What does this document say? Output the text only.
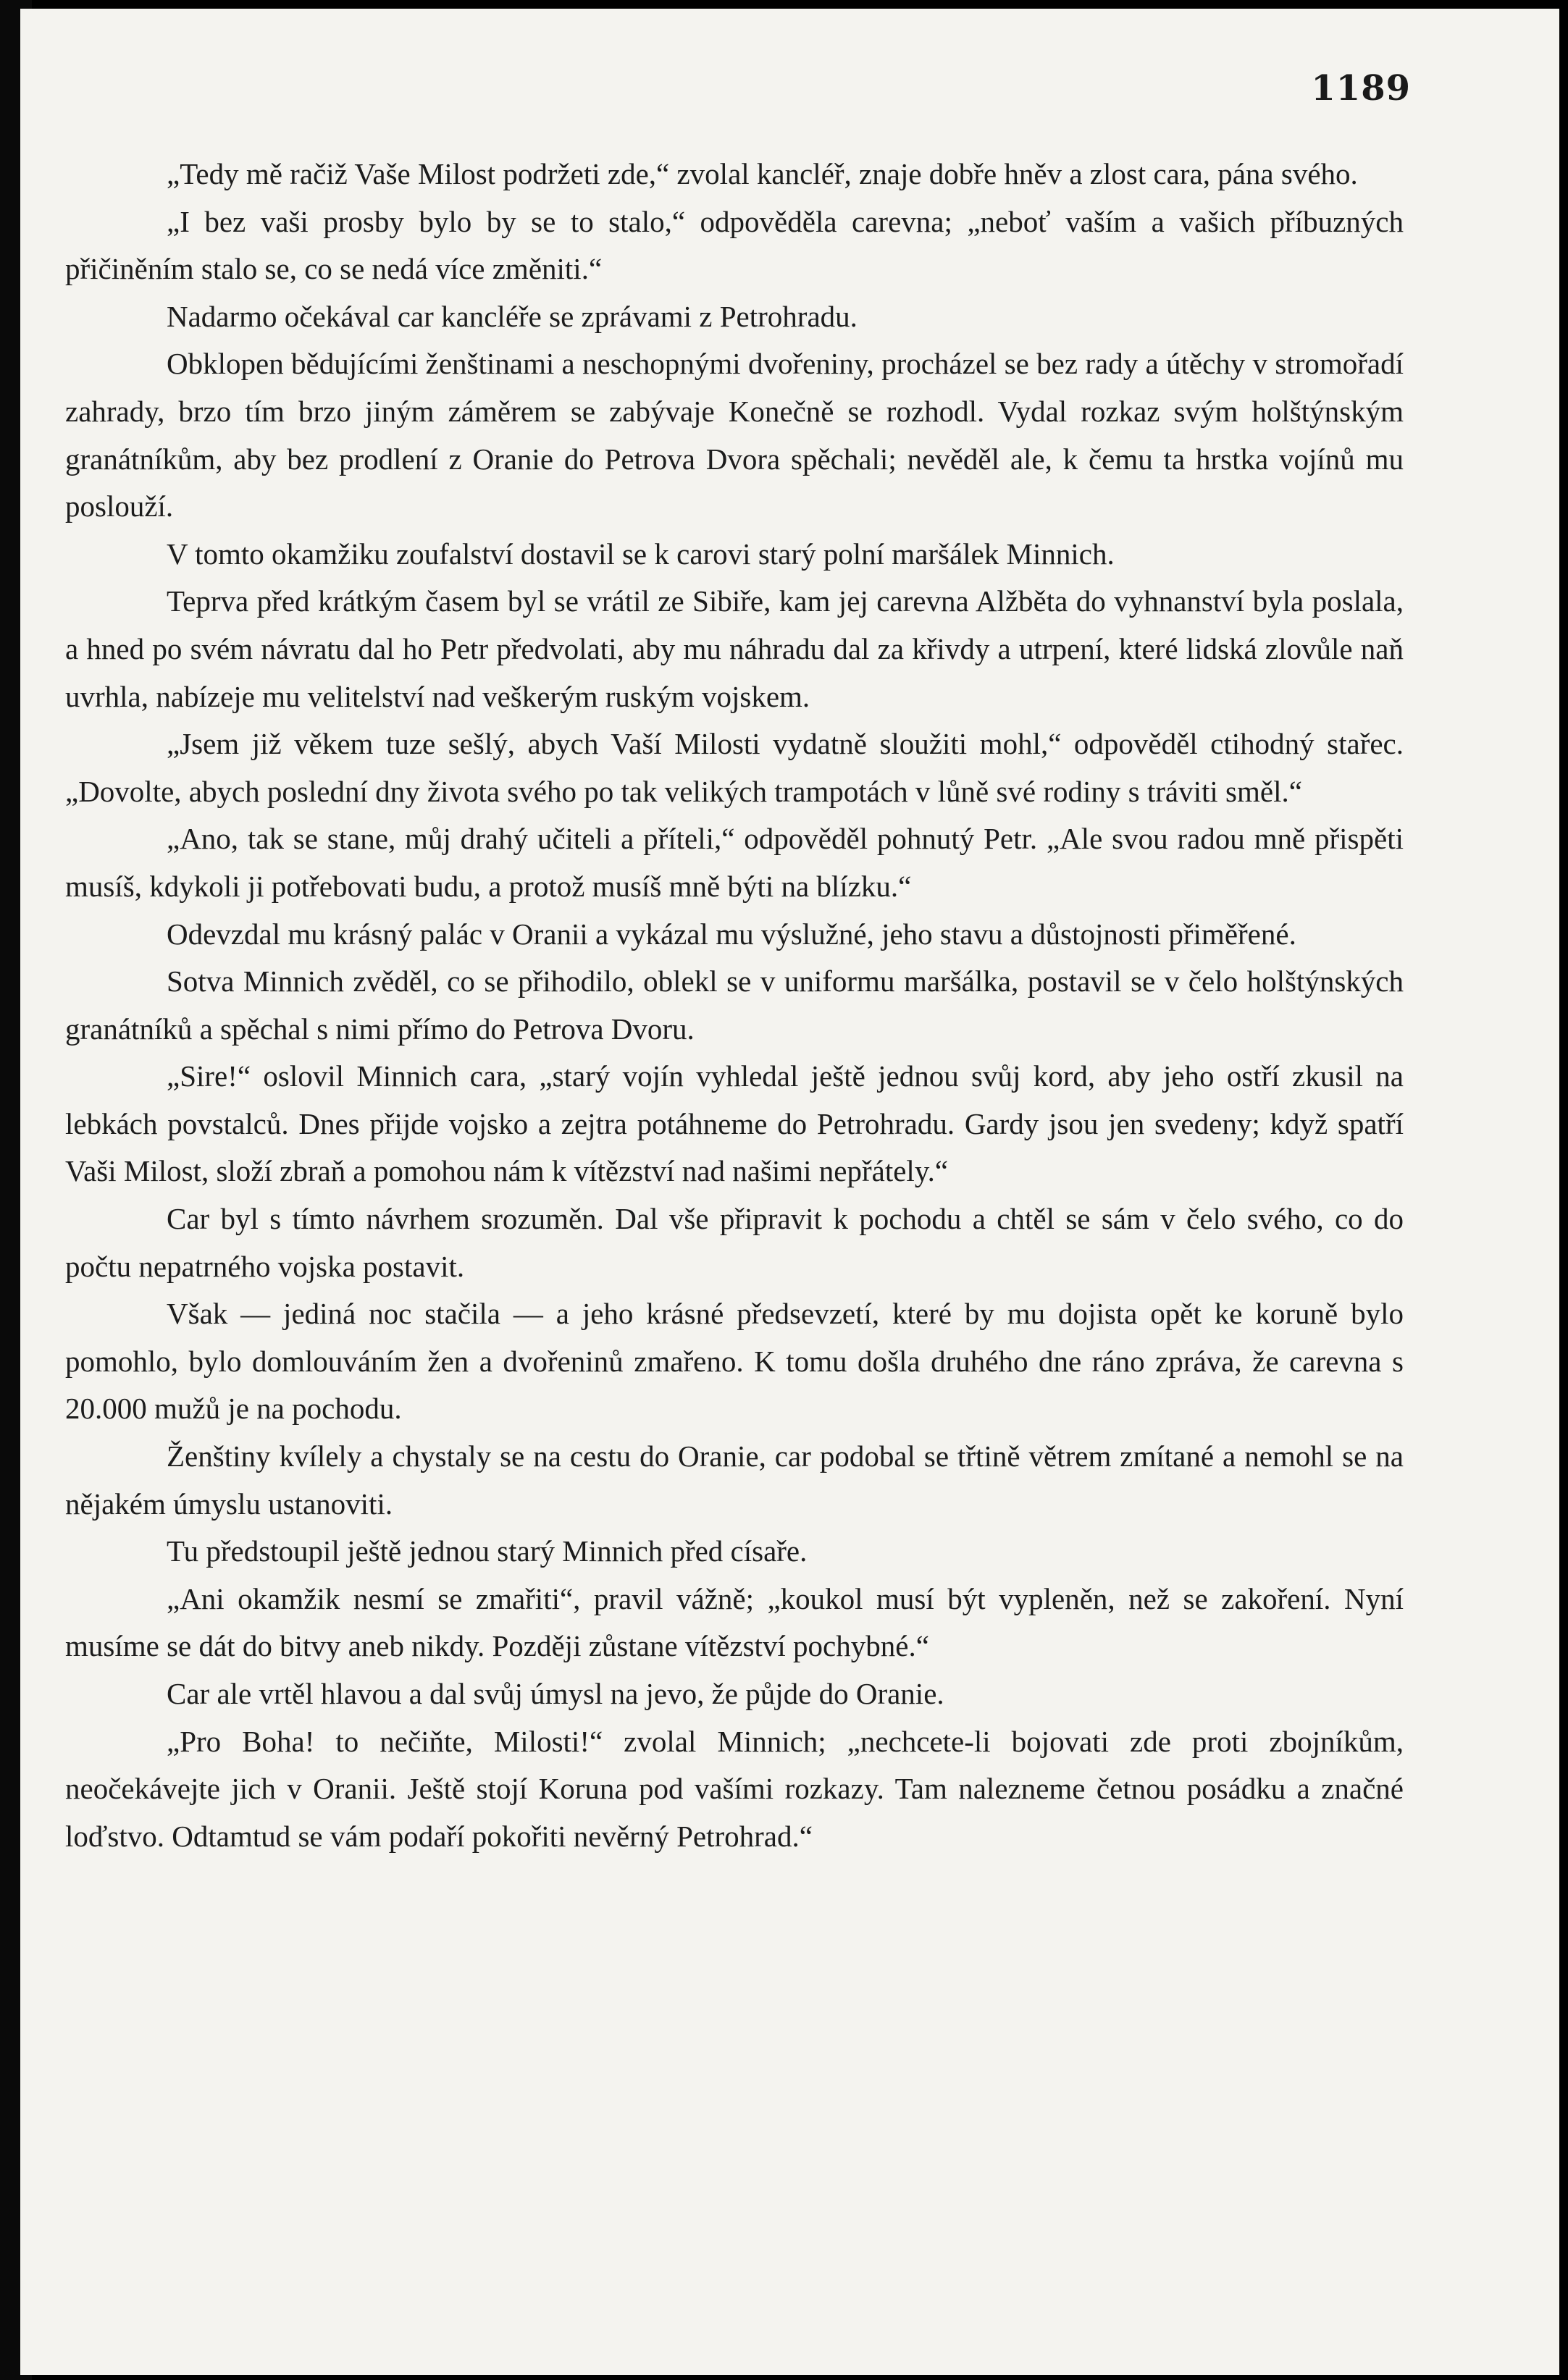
1189

„Tedy mě račiž Vaše Milost podržeti zde,“ zvolal kancléř, znaje dobře hněv a zlost cara, pána svého.

„I bez vaši prosby bylo by se to stalo,“ odpověděla carevna; „neboť vaším a vašich příbuzných přičiněním stalo se, co se nedá více změniti.“

Nadarmo očekával car kancléře se zprávami z Petrohradu.

Obklopen bědujícími ženštinami a neschopnými dvořeniny, procházel se bez rady a útěchy v stromořadí zahrady, brzo tím brzo jiným záměrem se zabývaje Konečně se rozhodl. Vydal rozkaz svým holštýnským granátníkům, aby bez prodlení z Oranie do Petrova Dvora spěchali; nevěděl ale, k čemu ta hrstka vojínů mu poslouží.

V tomto okamžiku zoufalství dostavil se k carovi starý polní maršálek Minnich.

Teprva před krátkým časem byl se vrátil ze Sibiře, kam jej carevna Alžběta do vyhnanství byla poslala, a hned po svém návratu dal ho Petr předvolati, aby mu náhradu dal za křivdy a utrpení, které lidská zlovůle naň uvrhla, nabízeje mu velitelství nad veškerým ruským vojskem.

„Jsem již věkem tuze sešlý, abych Vaší Milosti vydatně sloužiti mohl,“ odpověděl ctihodný stařec. „Dovolte, abych poslední dny života svého po tak velikých trampotách v lůně své rodiny s tráviti směl.“

„Ano, tak se stane, můj drahý učiteli a příteli,“ odpověděl pohnutý Petr. „Ale svou radou mně přispěti musíš, kdykoli ji potřebovati budu, a protož musíš mně býti na blízku.“

Odevzdal mu krásný palác v Oranii a vykázal mu výslužné, jeho stavu a důstojnosti přiměřené.

Sotva Minnich zvěděl, co se přihodilo, oblekl se v uniformu maršálka, postavil se v čelo holštýnských granátníků a spěchal s nimi přímo do Petrova Dvoru.

„Sire!“ oslovil Minnich cara, „starý vojín vyhledal ještě jednou svůj kord, aby jeho ostří zkusil na lebkách povstalců. Dnes přijde vojsko a zejtra potáhneme do Petrohradu. Gardy jsou jen svedeny; když spatří Vaši Milost, složí zbraň a pomohou nám k vítězství nad našimi nepřátely.“

Car byl s tímto návrhem srozuměn. Dal vše připravit k pochodu a chtěl se sám v čelo svého, co do počtu nepatrného vojska postavit.

Však — jediná noc stačila — a jeho krásné předsevzetí, které by mu dojista opět ke koruně bylo pomohlo, bylo domlouváním žen a dvořeninů zmařeno. K tomu došla druhého dne ráno zpráva, že carevna s 20.000 mužů je na pochodu.

Ženštiny kvílely a chystaly se na cestu do Oranie, car podobal se třtině větrem zmítané a nemohl se na nějakém úmyslu ustanoviti.

Tu předstoupil ještě jednou starý Minnich před císaře.

„Ani okamžik nesmí se zmařiti“, pravil vážně; „koukol musí být vypleněn, než se zakoření. Nyní musíme se dát do bitvy aneb nikdy. Později zůstane vítězství pochybné.“

Car ale vrtěl hlavou a dal svůj úmysl na jevo, že půjde do Oranie.

„Pro Boha! to nečiňte, Milosti!“ zvolal Minnich; „nechcete-li bojovati zde proti zbojníkům, neočekávejte jich v Oranii. Ještě stojí Koruna pod vašími rozkazy. Tam nalezneme četnou posádku a značné loďstvo. Odtamtud se vám podaří pokořiti nevěrný Petrohrad.“
